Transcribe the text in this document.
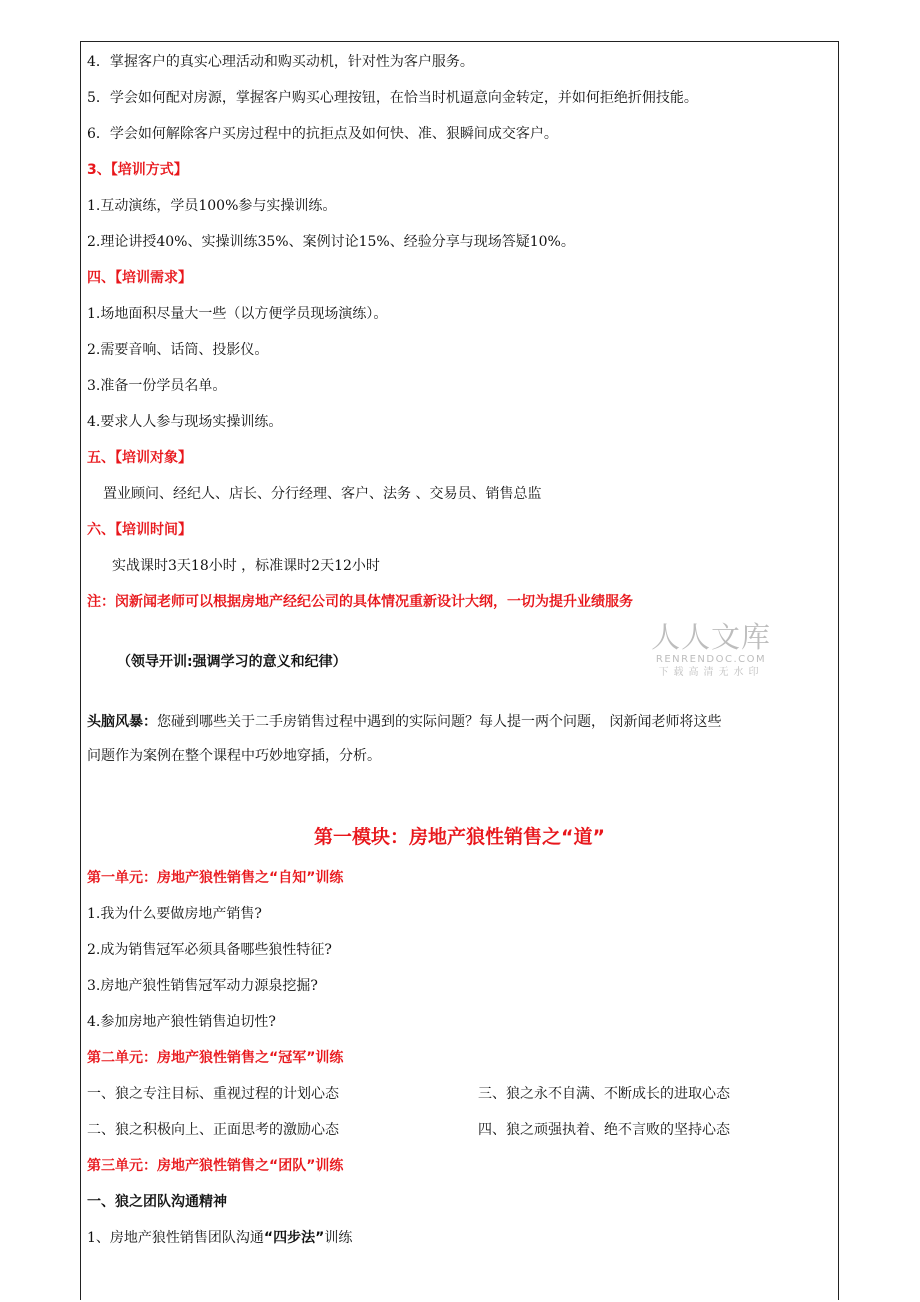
4．掌握客户的真实心理活动和购买动机，针对性为客户服务。
5．学会如何配对房源，掌握客户购买心理按钮，在恰当时机逼意向金转定，并如何拒绝折佣技能。
6．学会如何解除客户买房过程中的抗拒点及如何快、准、狠瞬间成交客户。
3、【培训方式】
1.互动演练，学员100%参与实操训练。
2.理论讲授40%、实操训练35%、案例讨论15%、经验分享与现场答疑10%。
四、【培训需求】
1.场地面积尽量大一些（以方便学员现场演练）。
2.需要音响、话筒、投影仪。
3.准备一份学员名单。
4.要求人人参与现场实操训练。
五、【培训对象】
置业顾问、经纪人、店长、分行经理、客户、法务 、交易员、销售总监
六、【培训时间】
实战课时3天18小时 ，标准课时2天12小时
注：闵新闻老师可以根据房地产经纪公司的具体情况重新设计大纲，一切为提升业绩服务
（领导开训:强调学习的意义和纪律）
人人文库
RENRENDOC.COM
下载高清无水印
头脑风暴：您碰到哪些关于二手房销售过程中遇到的实际问题？每人提一两个问题， 闵新闻老师将这些
问题作为案例在整个课程中巧妙地穿插，分析。
第一模块：房地产狼性销售之“道”
第一单元：房地产狼性销售之“自知”训练
1.我为什么要做房地产销售?
2.成为销售冠军必须具备哪些狼性特征?
3.房地产狼性销售冠军动力源泉挖掘?
4.参加房地产狼性销售迫切性?
第二单元：房地产狼性销售之“冠军”训练
一、狼之专注目标、重视过程的计划心态	三、狼之永不自满、不断成长的进取心态
二、狼之积极向上、正面思考的激励心态	四、狼之顽强执着、绝不言败的坚持心态
第三单元：房地产狼性销售之“团队”训练
一、狼之团队沟通精神
1、房地产狼性销售团队沟通“四步法”训练
